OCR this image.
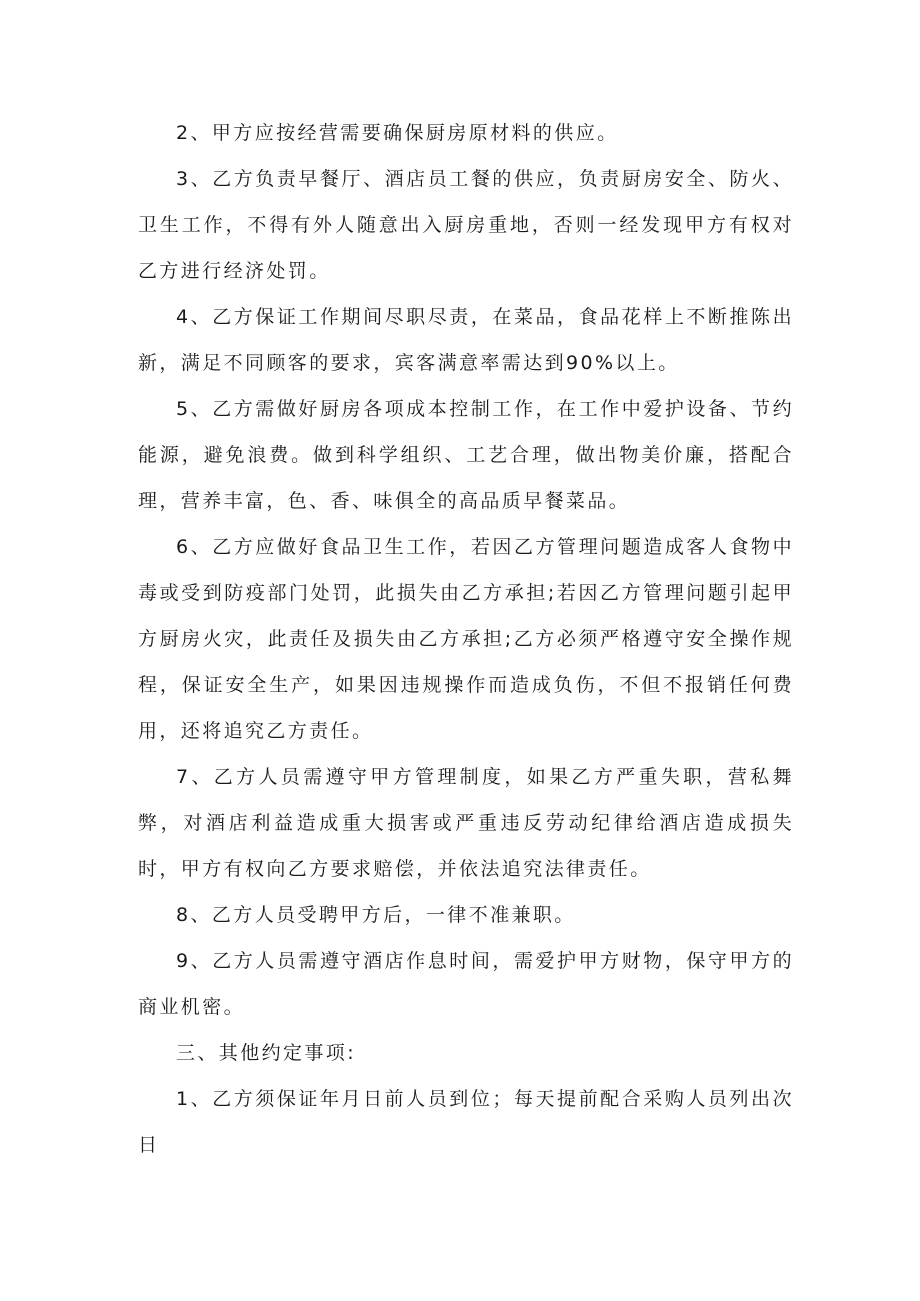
2、甲方应按经营需要确保厨房原材料的供应。

3、乙方负责早餐厅、酒店员工餐的供应，负责厨房安全、防火、卫生工作，不得有外人随意出入厨房重地，否则一经发现甲方有权对乙方进行经济处罚。

4、乙方保证工作期间尽职尽责，在菜品，食品花样上不断推陈出新，满足不同顾客的要求，宾客满意率需达到90%以上。

5、乙方需做好厨房各项成本控制工作，在工作中爱护设备、节约能源，避免浪费。做到科学组织、工艺合理，做出物美价廉，搭配合理，营养丰富，色、香、味俱全的高品质早餐菜品。

6、乙方应做好食品卫生工作，若因乙方管理问题造成客人食物中毒或受到防疫部门处罚，此损失由乙方承担;若因乙方管理问题引起甲方厨房火灾，此责任及损失由乙方承担;乙方必须严格遵守安全操作规程，保证安全生产，如果因违规操作而造成负伤，不但不报销任何费用，还将追究乙方责任。

7、乙方人员需遵守甲方管理制度，如果乙方严重失职，营私舞弊，对酒店利益造成重大损害或严重违反劳动纪律给酒店造成损失时，甲方有权向乙方要求赔偿，并依法追究法律责任。

8、乙方人员受聘甲方后，一律不准兼职。

9、乙方人员需遵守酒店作息时间，需爱护甲方财物，保守甲方的商业机密。

三、其他约定事项:

1、乙方须保证年月日前人员到位；每天提前配合采购人员列出次日
